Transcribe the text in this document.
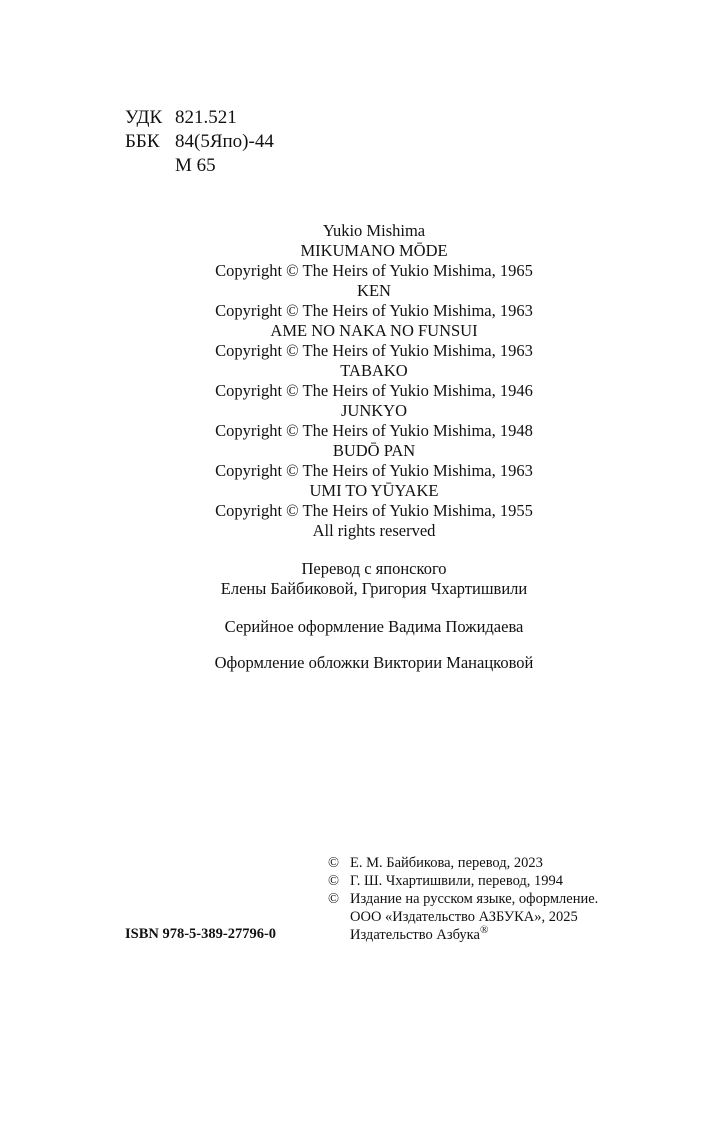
УДК 821.521
ББК 84(5Япо)-44
М 65
Yukio Mishima
MIKUMANO MŌDE
Copyright © The Heirs of Yukio Mishima, 1965
KEN
Copyright © The Heirs of Yukio Mishima, 1963
AME NO NAKA NO FUNSUI
Copyright © The Heirs of Yukio Mishima, 1963
TABAKO
Copyright © The Heirs of Yukio Mishima, 1946
JUNKYO
Copyright © The Heirs of Yukio Mishima, 1948
BUDŌ PAN
Copyright © The Heirs of Yukio Mishima, 1963
UMI TO YŪYAKE
Copyright © The Heirs of Yukio Mishima, 1955
All rights reserved
Перевод с японского
Елены Байбиковой, Григория Чхартишвили
Серийное оформление Вадима Пожидаева
Оформление обложки Виктории Манацковой
© Е. М. Байбикова, перевод, 2023
© Г. Ш. Чхартишвили, перевод, 1994
© Издание на русском языке, оформление.
ООО «Издательство АЗБУКА», 2025
Издательство Азбука®
ISBN 978-5-389-27796-0
